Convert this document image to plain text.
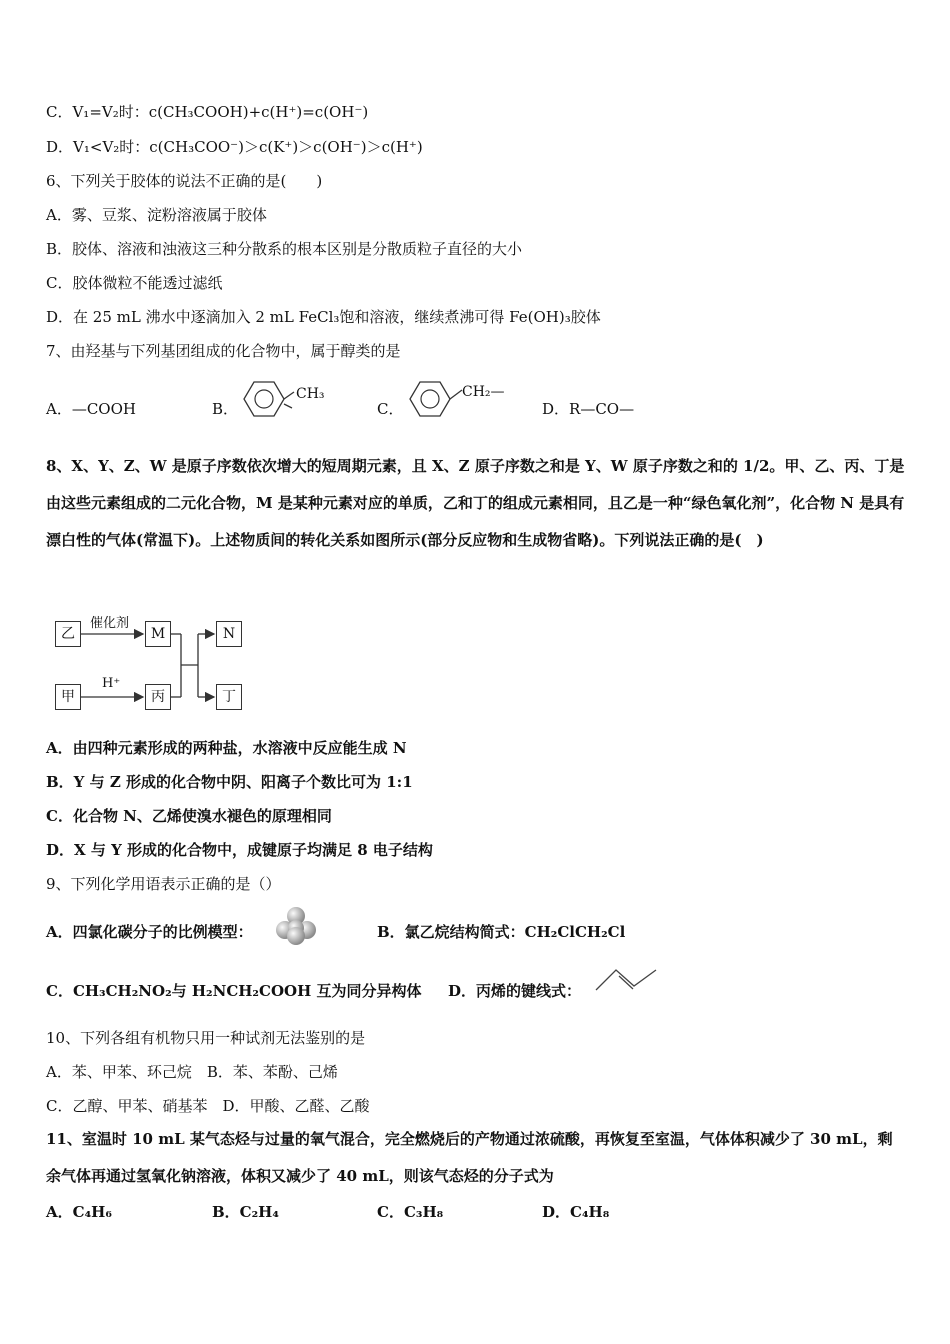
C．V₁=V₂时：c(CH₃COOH)+c(H⁺)=c(OH⁻)
D．V₁<V₂时：c(CH₃COO⁻)＞c(K⁺)＞c(OH⁻)＞c(H⁺)
6、下列关于胶体的说法不正确的是(　　)
A．雾、豆浆、淀粉溶液属于胶体
B．胶体、溶液和浊液这三种分散系的根本区别是分散质粒子直径的大小
C．胶体微粒不能透过滤纸
D．在 25 mL 沸水中逐滴加入 2 mL FeCl₃饱和溶液，继续煮沸可得 Fe(OH)₃胶体
7、由羟基与下列基团组成的化合物中，属于醇类的是
A．—COOH	B．
CH₃
C．
CH₂—
D．R—CO—
8、X、Y、Z、W 是原子序数依次增大的短周期元素，且 X、Z 原子序数之和是 Y、W 原子序数之和的 1/2。甲、乙、丙、丁是由这些元素组成的二元化合物，M 是某种元素对应的单质，乙和丁的组成元素相同，且乙是一种“绿色氧化剂”，化合物 N 是具有漂白性的气体(常温下)。上述物质间的转化关系如图所示(部分反应物和生成物省略)。下列说法正确的是(　)
乙	M	N
甲	丙	丁
催化剂
H⁺
A．由四种元素形成的两种盐，水溶液中反应能生成 N
B．Y 与 Z 形成的化合物中阴、阳离子个数比可为 1:1
C．化合物 N、乙烯使溴水褪色的原理相同
D．X 与 Y 形成的化合物中，成键原子均满足 8 电子结构
9、下列化学用语表示正确的是（）
A．四氯化碳分子的比例模型：	B．氯乙烷结构简式：CH₂ClCH₂Cl
C．CH₃CH₂NO₂与 H₂NCH₂COOH 互为同分异构体 D．丙烯的键线式：
10、下列各组有机物只用一种试剂无法鉴别的是
A．苯、甲苯、环己烷　B．苯、苯酚、己烯
C．乙醇、甲苯、硝基苯　D．甲酸、乙醛、乙酸
11、室温时 10 mL 某气态烃与过量的氧气混合，完全燃烧后的产物通过浓硫酸，再恢复至室温，气体体积减少了 30 mL，剩余气体再通过氢氧化钠溶液，体积又减少了 40 mL，则该气态烃的分子式为
A．C₄H₆	B．C₂H₄	C．C₃H₈	D．C₄H₈
